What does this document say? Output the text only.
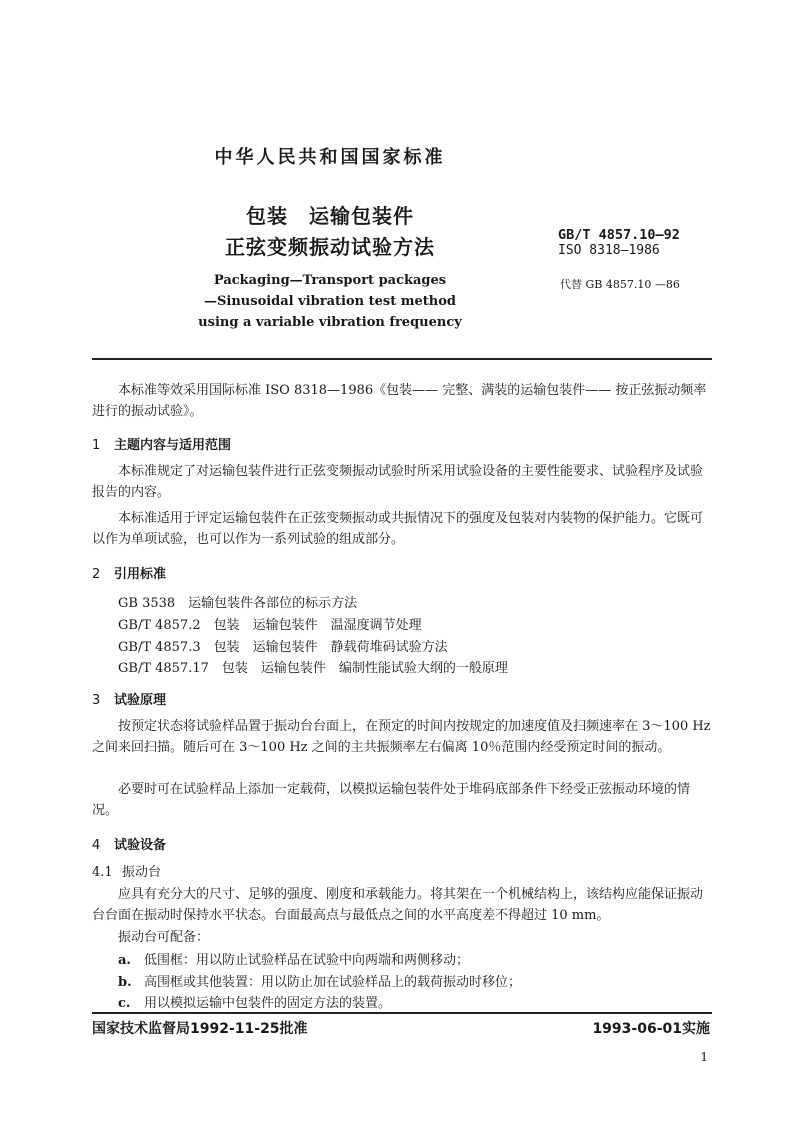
中华人民共和国国家标准
包装　运输包装件
正弦变频振动试验方法	GB/T 4857.10—92
ISO 8318—1986
代替 GB 4857.10 —86
Packaging—Transport packages
—Sinusoidal vibration test method
using a variable vibration frequency
本标准等效采用国际标准 ISO 8318—1986《包装—— 完整、满装的运输包装件—— 按正弦振动频率进行的振动试验》。
1 主题内容与适用范围
本标准规定了对运输包装件进行正弦变频振动试验时所采用试验设备的主要性能要求、试验程序及试验报告的内容。
本标准适用于评定运输包装件在正弦变频振动或共振情况下的强度及包装对内装物的保护能力。它既可以作为单项试验，也可以作为一系列试验的组成部分。
2 引用标准
GB 3538　运输包装件各部位的标示方法
GB/T 4857.2　包装　运输包装件　温湿度调节处理
GB/T 4857.3　包装　运输包装件　静载荷堆码试验方法
GB/T 4857.17　包装　运输包装件　编制性能试验大纲的一般原理
3 试验原理
按预定状态将试验样品置于振动台台面上，在预定的时间内按规定的加速度值及扫频速率在 3～100 Hz 之间来回扫描。随后可在 3～100 Hz 之间的主共振频率左右偏离 10％范围内经受预定时间的振动。
必要时可在试验样品上添加一定载荷，以模拟运输包装件处于堆码底部条件下经受正弦振动环境的情况。
4 试验设备
4.1 振动台
应具有充分大的尺寸、足够的强度、刚度和承载能力。将其架在一个机械结构上，该结构应能保证振动台台面在振动时保持水平状态。台面最高点与最低点之间的水平高度差不得超过 10 mm。
振动台可配备：
a. 低围框：用以防止试验样品在试验中向两端和两侧移动；
b. 高围框或其他装置：用以防止加在试验样品上的载荷振动时移位；
c. 用以模拟运输中包装件的固定方法的装置。
国家技术监督局1992-11-25批准	1993-06-01实施
1
